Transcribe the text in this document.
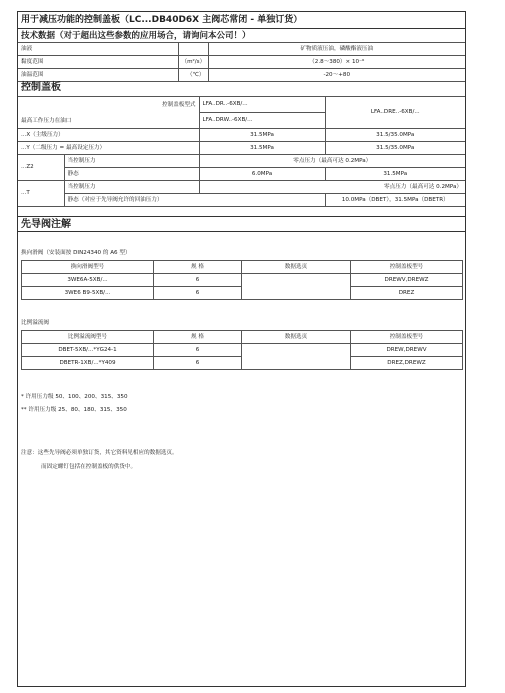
用于减压功能的控制盖板（LC...DB40D6X 主阀芯常闭 - 单独订货）
技术数据（对于超出这些参数的应用场合，请询问本公司！）
油液		矿物质液压油，磷酸酯液压油
黏度范围	（m²/s）	（2.8～380）× 10⁻⁶
油温范围	（℃）	-20～+80
控制盖板
控制盖板型式
最高工作压力在油口		LFA..DR..-6XB/...	LFA..DRE..-6XB/...
		LFA..DRW..-6XB/...	
...X（主级压力）		31.5MPa	31.5/35.0MPa
...Y（二级压力 = 最高设定压力）		31.5MPa	31.5/35.0MPa
...Z2	当控制压力	零点压力（最高可达 0.2MPa）	
	静态	6.0MPa	31.5MPa
...T	当控制压力	零点压力（最高可达 0.2MPa）	
	静态（对应于先导阀允许的回油压力）		10.0MPa（DBET），31.5MPa（DBETR）
先导阀注解
换向滑阀（安装面按 DIN24340 的 A6 型）
换向滑阀型号	规 格	数据选页	控制盖板型号
3WE6A-5XB/...	6		DREWV,DREWZ
3WE6 B9-5XB/...	6		DREZ
比例溢流阀
比例溢流阀型号	规 格	数据选页	控制盖板型号
DBET-5XB/...*YG24-1	6		DREW,DREWV
DBETR-1XB/...*Y409	6		DREZ,DREWZ
* 许用压力级 50、100、200、315、350
** 许用压力级 25、80、180、315、350
注意：这些先导阀必须单独订货，其它资料见相应的数据选页。
而固定螺钉包括在控制盖板的供货中。
